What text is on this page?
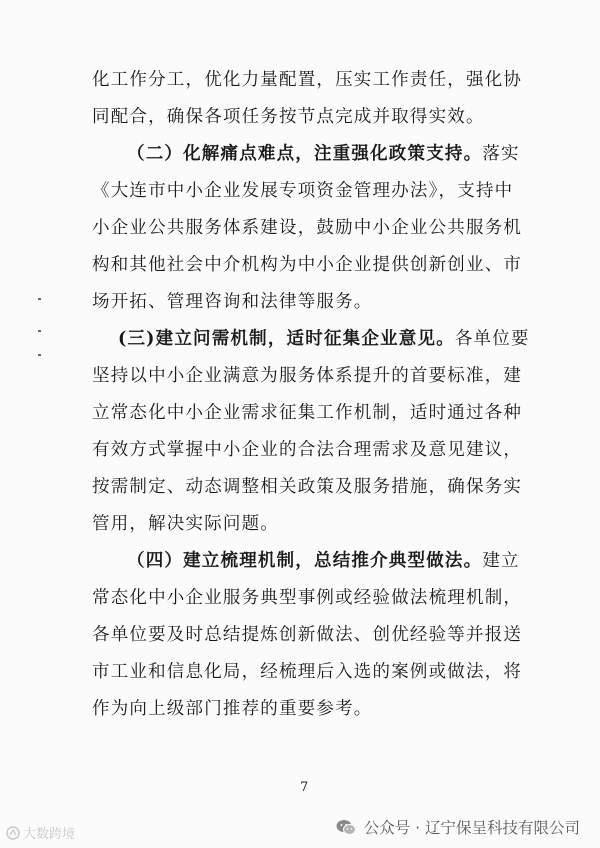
化工作分工，优化力量配置，压实工作责任，强化协同配合，确保各项任务按节点完成并取得实效。

（二）化解痛点难点，注重强化政策支持。落实《大连市中小企业发展专项资金管理办法》，支持中小企业公共服务体系建设，鼓励中小企业公共服务机构和其他社会中介机构为中小企业提供创新创业、市场开拓、管理咨询和法律等服务。

(三)建立问需机制，适时征集企业意见。各单位要坚持以中小企业满意为服务体系提升的首要标准，建立常态化中小企业需求征集工作机制，适时通过各种有效方式掌握中小企业的合法合理需求及意见建议，按需制定、动态调整相关政策及服务措施，确保务实管用，解决实际问题。

（四）建立梳理机制，总结推介典型做法。建立常态化中小企业服务典型事例或经验做法梳理机制，各单位要及时总结提炼创新做法、创优经验等并报送市工业和信息化局，经梳理后入选的案例或做法，将作为向上级部门推荐的重要参考。

7
大数跨境	公众号 · 辽宁保呈科技有限公司
